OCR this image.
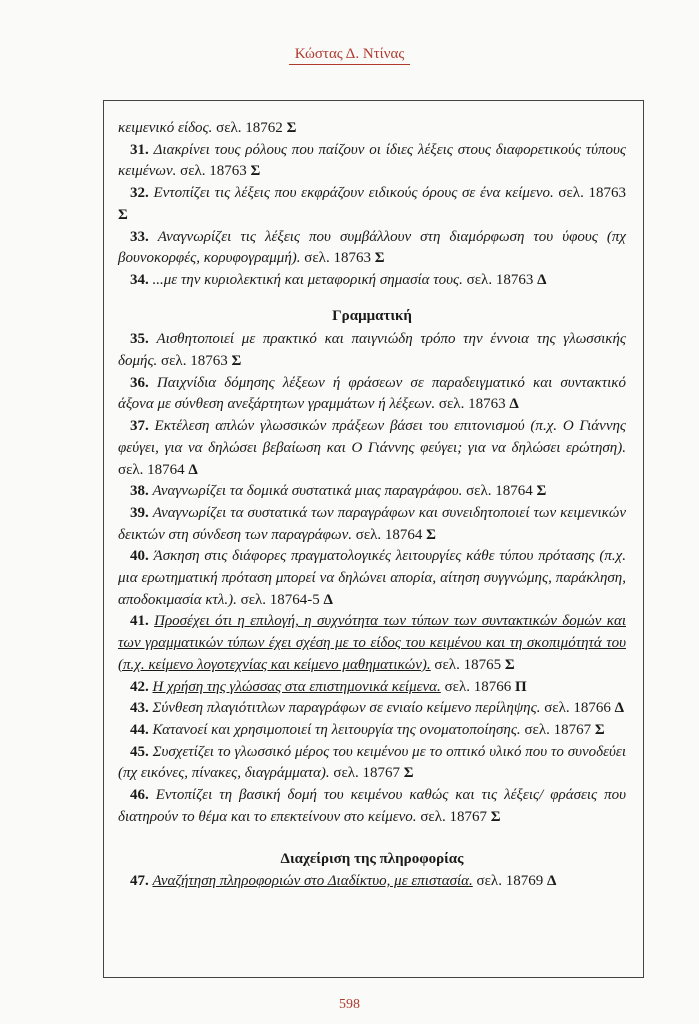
Κώστας Δ. Ντίνας

κειμενικό είδος. σελ. 18762 Σ

31. Διακρίνει τους ρόλους που παίζουν οι ίδιες λέξεις στους διαφορετικούς τύπους κειμένων. σελ. 18763 Σ

32. Εντοπίζει τις λέξεις που εκφράζουν ειδικούς όρους σε ένα κείμενο. σελ. 18763 Σ

33. Αναγνωρίζει τις λέξεις που συμβάλλουν στη διαμόρφωση του ύφους (πχ βουνοκορφές, κορυφογραμμή). σελ. 18763 Σ

34. ...με την κυριολεκτική και μεταφορική σημασία τους. σελ. 18763 Δ

Γραμματική

35. Αισθητοποιεί με πρακτικό και παιγνιώδη τρόπο την έννοια της γλωσσικής δομής. σελ. 18763 Σ

36. Παιχνίδια δόμησης λέξεων ή φράσεων σε παραδειγματικό και συντακτικό άξονα με σύνθεση ανεξάρτητων γραμμάτων ή λέξεων. σελ. 18763 Δ

37. Εκτέλεση απλών γλωσσικών πράξεων βάσει του επιτονισμού (π.χ. Ο Γιάννης φεύγει, για να δηλώσει βεβαίωση και Ο Γιάννης φεύγει; για να δηλώσει ερώτηση). σελ. 18764 Δ

38. Αναγνωρίζει τα δομικά συστατικά μιας παραγράφου. σελ. 18764 Σ

39. Αναγνωρίζει τα συστατικά των παραγράφων και συνειδητοποιεί των κειμενικών δεικτών στη σύνδεση των παραγράφων. σελ. 18764 Σ

40. Άσκηση στις διάφορες πραγματολογικές λειτουργίες κάθε τύπου πρότασης (π.χ. μια ερωτηματική πρόταση μπορεί να δηλώνει απορία, αίτηση συγγνώμης, παράκληση, αποδοκιμασία κτλ.). σελ. 18764-5 Δ

41. Προσέχει ότι η επιλογή, η συχνότητα των τύπων των συντακτικών δομών και των γραμματικών τύπων έχει σχέση με το είδος του κειμένου και τη σκοπιμότητά του (π.χ. κείμενο λογοτεχνίας και κείμενο μαθηματικών). σελ. 18765 Σ

42. Η χρήση της γλώσσας στα επιστημονικά κείμενα. σελ. 18766 Π

43. Σύνθεση πλαγιότιτλων παραγράφων σε ενιαίο κείμενο περίληψης. σελ. 18766 Δ

44. Κατανοεί και χρησιμοποιεί τη λειτουργία της ονοματοποίησης. σελ. 18767 Σ

45. Συσχετίζει το γλωσσικό μέρος του κειμένου με το οπτικό υλικό που το συνοδεύει (πχ εικόνες, πίνακες, διαγράμματα). σελ. 18767 Σ

46. Εντοπίζει τη βασική δομή του κειμένου καθώς και τις λέξεις/ φράσεις που διατηρούν το θέμα και το επεκτείνουν στο κείμενο. σελ. 18767 Σ

Διαχείριση της πληροφορίας

47. Αναζήτηση πληροφοριών στο Διαδίκτυο, με επιστασία. σελ. 18769 Δ

598
